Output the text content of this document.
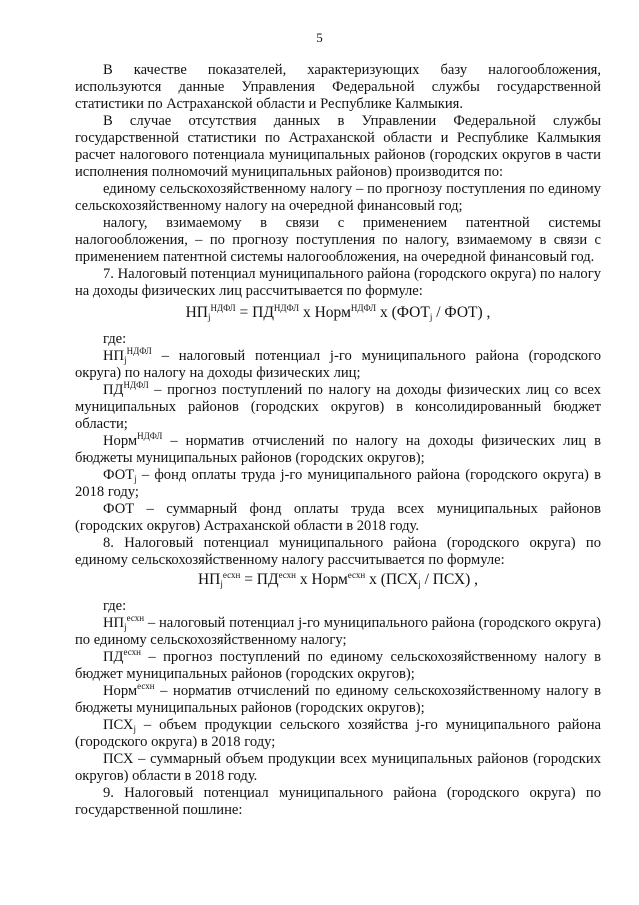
5

В качестве показателей, характеризующих базу налогообложения, используются данные Управления Федеральной службы государственной статистики по Астраханской области и Республике Калмыкия.

В случае отсутствия данных в Управлении Федеральной службы государственной статистики по Астраханской области и Республике Калмыкия расчет налогового потенциала муниципальных районов (городских округов в части исполнения полномочий муниципальных районов) производится по:

единому сельскохозяйственному налогу – по прогнозу поступления по единому сельскохозяйственному налогу на очередной финансовый год;

налогу, взимаемому в связи с применением патентной системы налогообложения, – по прогнозу поступления по налогу, взимаемому в связи с применением патентной системы налогообложения, на очередной финансовый год.

7. Налоговый потенциал муниципального района (городского округа) по налогу на доходы физических лиц рассчитывается по формуле:

$НП_j^{НДФЛ} = ПД^{НДФЛ}$ х Норм$^{НДФЛ}$ х $(ФОТ_j / ФОТ)$ ,

где:

$НП_j^{НДФЛ}$ – налоговый потенциал j-го муниципального района (городского округа) по налогу на доходы физических лиц;

$ПД^{НДФЛ}$ – прогноз поступлений по налогу на доходы физических лиц со всех муниципальных районов (городских округов) в консолидированный бюджет области;

Норм$^{НДФЛ}$ – норматив отчислений по налогу на доходы физических лиц в бюджеты муниципальных районов (городских округов);

$ФОТ_j$ – фонд оплаты труда j-го муниципального района (городского округа) в 2018 году;

ФОТ – суммарный фонд оплаты труда всех муниципальных районов (городских округов) Астраханской области в 2018 году.

8. Налоговый потенциал муниципального района (городского округа) по единому сельскохозяйственному налогу рассчитывается по формуле:

$НП_j^{есхн} = ПД^{есхн}$ х Норм$^{есхн}$ х $(ПСХ_j / ПСХ)$ ,

где:

$НП_j^{есхн}$ – налоговый потенциал j-го муниципального района (городского округа) по единому сельскохозяйственному налогу;

$ПД^{есхн}$ – прогноз поступлений по единому сельскохозяйственному налогу в бюджет муниципальных районов (городских округов);

Норм$^{есхн}$ – норматив отчислений по единому сельскохозяйственному налогу в бюджеты муниципальных районов (городских округов);

$ПСХ_j$ – объем продукции сельского хозяйства j-го муниципального района (городского округа) в 2018 году;

ПСХ – суммарный объем продукции всех муниципальных районов (городских округов) области в 2018 году.

9. Налоговый потенциал муниципального района (городского округа) по государственной пошлине:
